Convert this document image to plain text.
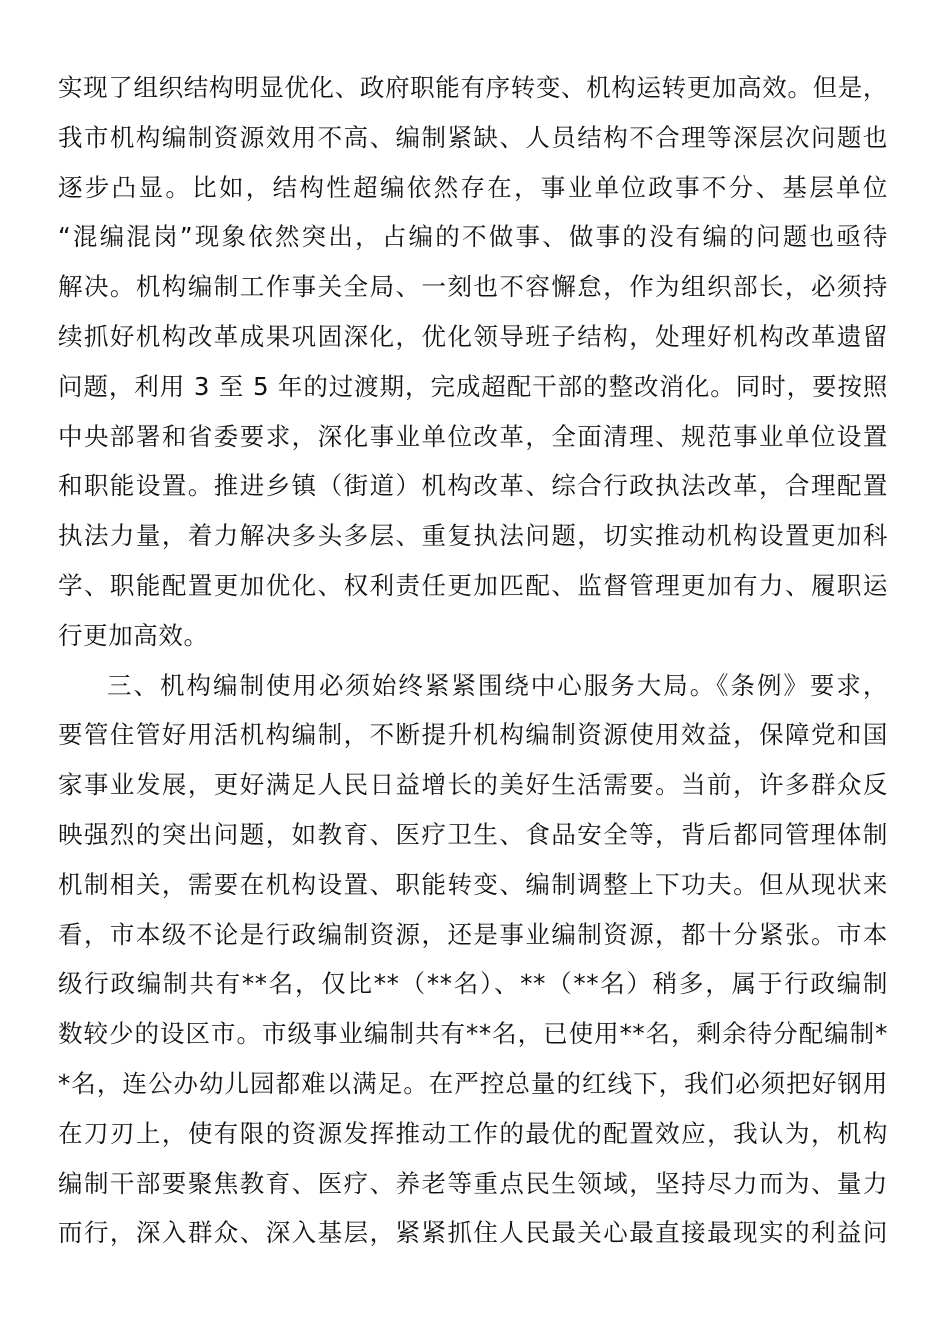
实现了组织结构明显优化、政府职能有序转变、机构运转更加高效。但是，
我市机构编制资源效用不高、编制紧缺、人员结构不合理等深层次问题也
逐步凸显。比如，结构性超编依然存在，事业单位政事不分、基层单位
“混编混岗”现象依然突出，占编的不做事、做事的没有编的问题也亟待
解决。机构编制工作事关全局、一刻也不容懈怠，作为组织部长，必须持
续抓好机构改革成果巩固深化，优化领导班子结构，处理好机构改革遗留
问题，利用 3 至 5 年的过渡期，完成超配干部的整改消化。同时，要按照
中央部署和省委要求，深化事业单位改革，全面清理、规范事业单位设置
和职能设置。推进乡镇（街道）机构改革、综合行政执法改革，合理配置
执法力量，着力解决多头多层、重复执法问题，切实推动机构设置更加科
学、职能配置更加优化、权利责任更加匹配、监督管理更加有力、履职运
行更加高效。
三、机构编制使用必须始终紧紧围绕中心服务大局。《条例》要求，
要管住管好用活机构编制，不断提升机构编制资源使用效益，保障党和国
家事业发展，更好满足人民日益增长的美好生活需要。当前，许多群众反
映强烈的突出问题，如教育、医疗卫生、食品安全等，背后都同管理体制
机制相关，需要在机构设置、职能转变、编制调整上下功夫。但从现状来
看，市本级不论是行政编制资源，还是事业编制资源，都十分紧张。市本
级行政编制共有**名，仅比**（**名）、**（**名）稍多，属于行政编制
数较少的设区市。市级事业编制共有**名，已使用**名，剩余待分配编制*
*名，连公办幼儿园都难以满足。在严控总量的红线下，我们必须把好钢用
在刀刃上，使有限的资源发挥推动工作的最优的配置效应，我认为，机构
编制干部要聚焦教育、医疗、养老等重点民生领域，坚持尽力而为、量力
而行，深入群众、深入基层，紧紧抓住人民最关心最直接最现实的利益问
